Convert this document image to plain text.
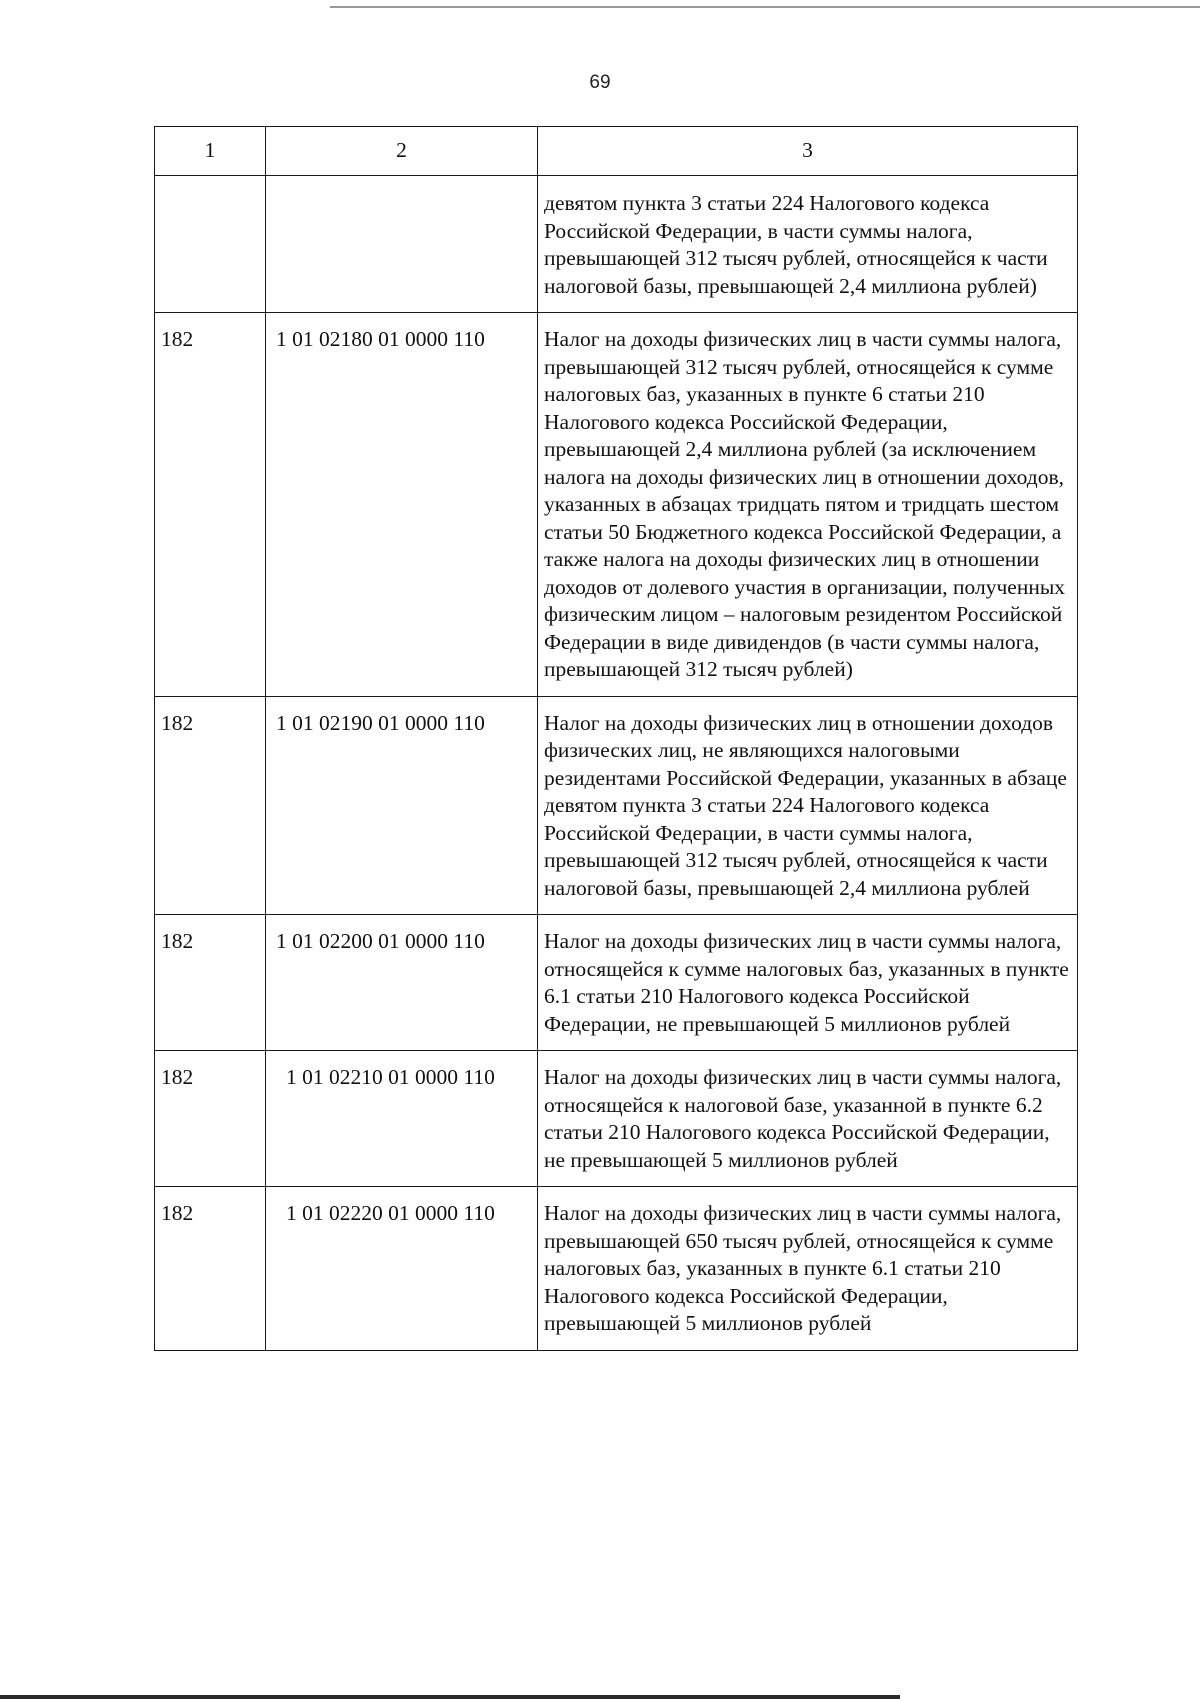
69
1	2	3
		девятом пункта 3 статьи 224 Налогового кодекса Российской Федерации, в части суммы налога, превышающей 312 тысяч рублей, относящейся к части налоговой базы, превышающей 2,4 миллиона рублей)
182	1 01 02180 01 0000 110	Налог на доходы физических лиц в части суммы налога, превышающей 312 тысяч рублей, относящейся к сумме налоговых баз, указанных в пункте 6 статьи 210 Налогового кодекса Российской Федерации, превышающей 2,4 миллиона рублей (за исключением налога на доходы физических лиц в отношении доходов, указанных в абзацах тридцать пятом и тридцать шестом статьи 50 Бюджетного кодекса Российской Федерации, а также налога на доходы физических лиц в отношении доходов от долевого участия в организации, полученных физическим лицом – налоговым резидентом Российской Федерации в виде дивидендов (в части суммы налога, превышающей 312 тысяч рублей)
182	1 01 02190 01 0000 110	Налог на доходы физических лиц в отношении доходов физических лиц, не являющихся налоговыми резидентами Российской Федерации, указанных в абзаце девятом пункта 3 статьи 224 Налогового кодекса Российской Федерации, в части суммы налога, превышающей 312 тысяч рублей, относящейся к части налоговой базы, превышающей 2,4 миллиона рублей
182	1 01 02200 01 0000 110	Налог на доходы физических лиц в части суммы налога, относящейся к сумме налоговых баз, указанных в пункте 6.1 статьи 210 Налогового кодекса Российской Федерации, не превышающей 5 миллионов рублей
182	1 01 02210 01 0000 110	Налог на доходы физических лиц в части суммы налога, относящейся к налоговой базе, указанной в пункте 6.2 статьи 210 Налогового кодекса Российской Федерации, не превышающей 5 миллионов рублей
182	1 01 02220 01 0000 110	Налог на доходы физических лиц в части суммы налога, превышающей 650 тысяч рублей, относящейся к сумме налоговых баз, указанных в пункте 6.1 статьи 210 Налогового кодекса Российской Федерации, превышающей 5 миллионов рублей
